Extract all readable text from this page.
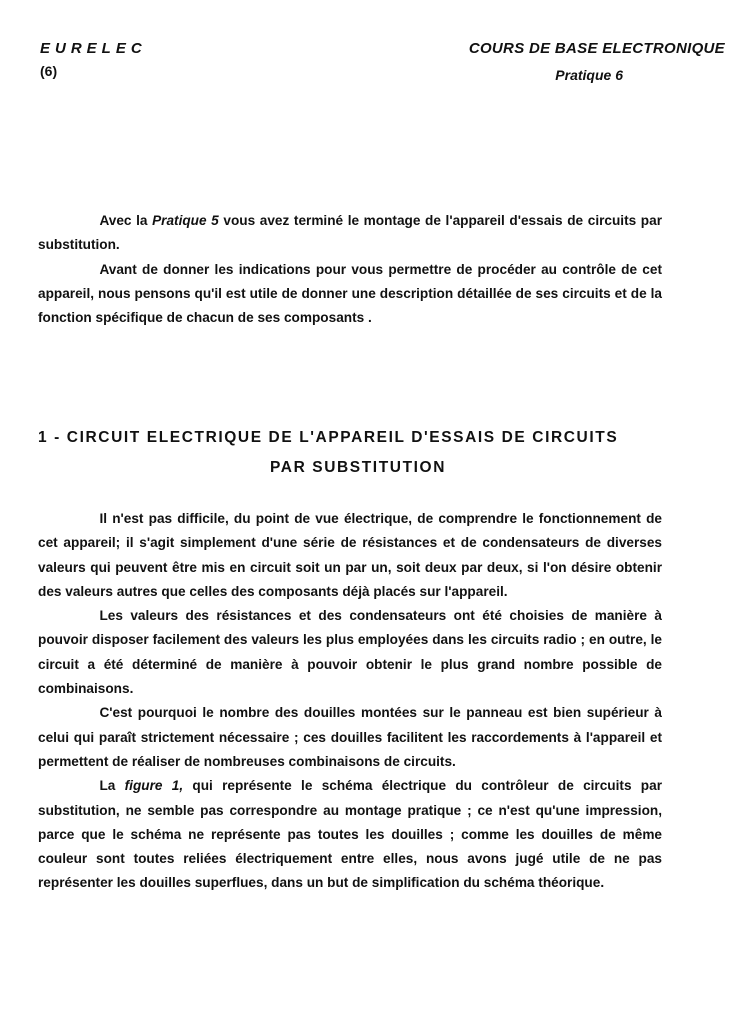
EURELEC
(6)
COURS DE BASE ELECTRONIQUE
Pratique 6

Avec la Pratique 5 vous avez terminé le montage de l'appareil d'essais de circuits par substitution.

Avant de donner les indications pour vous permettre de procéder au contrôle de cet appareil, nous pensons qu'il est utile de donner une description détaillée de ses circuits et de la fonction spécifique de chacun de ses composants .

1 - CIRCUIT ELECTRIQUE DE L'APPAREIL D'ESSAIS DE CIRCUITS
PAR SUBSTITUTION

Il n'est pas difficile, du point de vue électrique, de comprendre le fonctionnement de cet appareil; il s'agit simplement d'une série de résistances et de condensateurs de diverses valeurs qui peuvent être mis en circuit soit un par un, soit deux par deux, si l'on désire obtenir des valeurs autres que celles des composants déjà placés sur l'appareil.

Les valeurs des résistances et des condensateurs ont été choisies de manière à pouvoir disposer facilement des valeurs les plus employées dans les circuits radio ; en outre, le circuit a été déterminé de manière à pouvoir obtenir le plus grand nombre possible de combinaisons.

C'est pourquoi le nombre des douilles montées sur le panneau est bien supérieur à celui qui paraît strictement nécessaire ; ces douilles facilitent les raccordements à l'appareil et permettent de réaliser de nombreuses combinaisons de circuits.

La figure 1, qui représente le schéma électrique du contrôleur de circuits par substitution, ne semble pas correspondre au montage pratique ; ce n'est qu'une impression, parce que le schéma ne représente pas toutes les douilles ; comme les douilles de même couleur sont toutes reliées électriquement entre elles, nous avons jugé utile de ne pas représenter les douilles superflues, dans un but de simplification du schéma théorique.
